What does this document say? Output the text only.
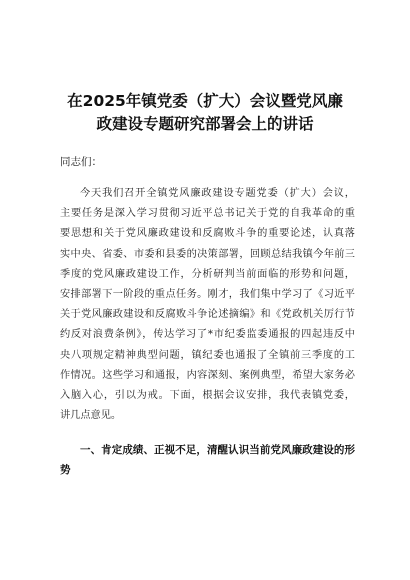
在2025年镇党委（扩大）会议暨党风廉
政建设专题研究部署会上的讲话
同志们：
今天我们召开全镇党风廉政建设专题党委（扩大）会议，
主要任务是深入学习贯彻习近平总书记关于党的自我革命的重
要思想和关于党风廉政建设和反腐败斗争的重要论述，认真落
实中央、省委、市委和县委的决策部署，回顾总结我镇今年前三
季度的党风廉政建设工作，分析研判当前面临的形势和问题，
安排部署下一阶段的重点任务。刚才，我们集中学习了《习近平
关于党风廉政建设和反腐败斗争论述摘编》和《党政机关厉行节
约反对浪费条例》，传达学习了*市纪委监委通报的四起违反中
央八项规定精神典型问题，镇纪委也通报了全镇前三季度的工
作情况。这些学习和通报，内容深刻、案例典型，希望大家务必
入脑入心，引以为戒。下面，根据会议安排，我代表镇党委，
讲几点意见。
一、肯定成绩、正视不足，清醒认识当前党风廉政建设的形
势
